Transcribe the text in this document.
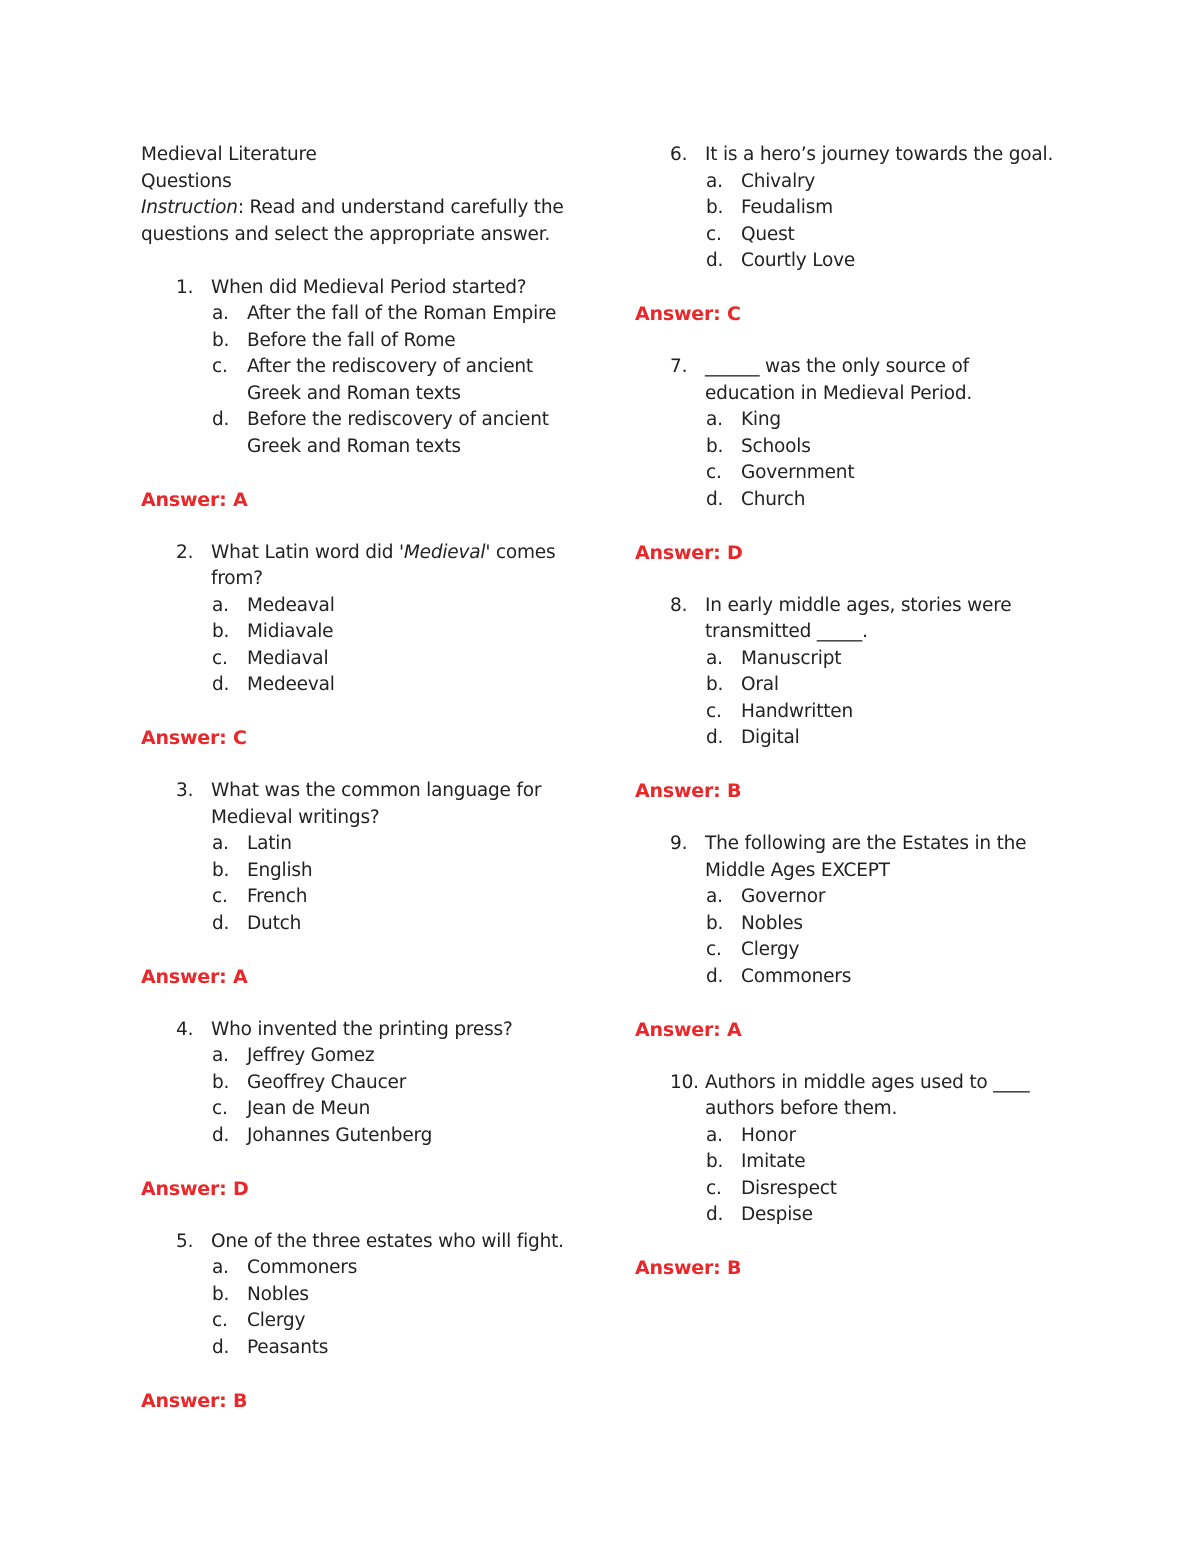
Medieval Literature
Questions
Instruction: Read and understand carefully the
questions and select the appropriate answer.
1. When did Medieval Period started?
a. After the fall of the Roman Empire
b. Before the fall of Rome
c. After the rediscovery of ancient
Greek and Roman texts
d. Before the rediscovery of ancient
Greek and Roman texts
Answer: A
2. What Latin word did 'Medieval' comes
from?
a. Medeaval
b. Midiavale
c. Mediaval
d. Medeeval
Answer: C
3. What was the common language for
Medieval writings?
a. Latin
b. English
c. French
d. Dutch
Answer: A
4. Who invented the printing press?
a. Jeffrey Gomez
b. Geoffrey Chaucer
c. Jean de Meun
d. Johannes Gutenberg
Answer: D
5. One of the three estates who will fight.
a. Commoners
b. Nobles
c. Clergy
d. Peasants
Answer: B
6. It is a hero’s journey towards the goal.
a. Chivalry
b. Feudalism
c. Quest
d. Courtly Love
Answer: C
7. ______ was the only source of
education in Medieval Period.
a. King
b. Schools
c. Government
d. Church
Answer: D
8. In early middle ages, stories were
transmitted _____.
a. Manuscript
b. Oral
c. Handwritten
d. Digital
Answer: B
9. The following are the Estates in the
Middle Ages EXCEPT
a. Governor
b. Nobles
c. Clergy
d. Commoners
Answer: A
10. Authors in middle ages used to ____
authors before them.
a. Honor
b. Imitate
c. Disrespect
d. Despise
Answer: B
